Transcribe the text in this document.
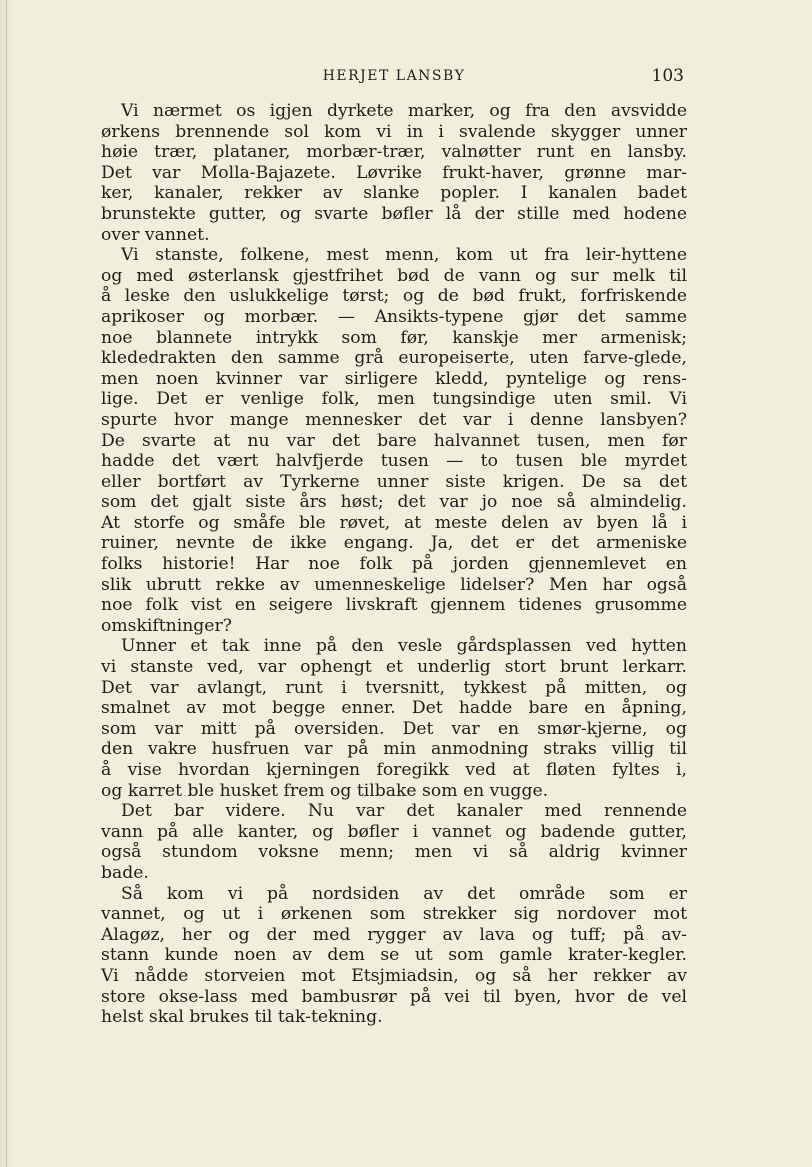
HERJET LANSBY	103
Vi nærmet os igjen dyrkete marker, og fra den avsvidde
ørkens brennende sol kom vi in i svalende skygger unner
høie trær, plataner, morbær-trær, valnøtter runt en lansby.
Det var Molla-Bajazete. Løvrike frukt-haver, grønne mar-
ker, kanaler, rekker av slanke popler. I kanalen badet
brunstekte gutter, og svarte bøfler lå der stille med hodene
over vannet.
Vi stanste, folkene, mest menn, kom ut fra leir-hyttene
og med østerlansk gjestfrihet bød de vann og sur melk til
å leske den uslukkelige tørst; og de bød frukt, forfriskende
aprikoser og morbær. — Ansikts-typene gjør det samme
noe blannete intrykk som før, kanskje mer armenisk;
klededrakten den samme grå europeiserte, uten farve-glede,
men noen kvinner var sirligere kledd, pyntelige og rens-
lige. Det er venlige folk, men tungsindige uten smil. Vi
spurte hvor mange mennesker det var i denne lansbyen?
De svarte at nu var det bare halvannet tusen, men før
hadde det vært halvfjerde tusen — to tusen ble myrdet
eller bortført av Tyrkerne unner siste krigen. De sa det
som det gjalt siste års høst; det var jo noe så almindelig.
At storfe og småfe ble røvet, at meste delen av byen lå i
ruiner, nevnte de ikke engang. Ja, det er det armeniske
folks historie! Har noe folk på jorden gjennemlevet en
slik ubrutt rekke av umenneskelige lidelser? Men har også
noe folk vist en seigere livskraft gjennem tidenes grusomme
omskiftninger?
Unner et tak inne på den vesle gårdsplassen ved hytten
vi stanste ved, var ophengt et underlig stort brunt lerkarr.
Det var avlangt, runt i tversnitt, tykkest på mitten, og
smalnet av mot begge enner. Det hadde bare en åpning,
som var mitt på oversiden. Det var en smør-kjerne, og
den vakre husfruen var på min anmodning straks villig til
å vise hvordan kjerningen foregikk ved at fløten fyltes i,
og karret ble husket frem og tilbake som en vugge.
Det bar videre. Nu var det kanaler med rennende
vann på alle kanter, og bøfler i vannet og badende gutter,
også stundom voksne menn; men vi så aldrig kvinner
bade.
Så kom vi på nordsiden av det område som er
vannet, og ut i ørkenen som strekker sig nordover mot
Alagøz, her og der med rygger av lava og tuff; på av-
stann kunde noen av dem se ut som gamle krater-kegler.
Vi nådde storveien mot Etsjmiadsin, og så her rekker av
store okse-lass med bambusrør på vei til byen, hvor de vel
helst skal brukes til tak-tekning.
